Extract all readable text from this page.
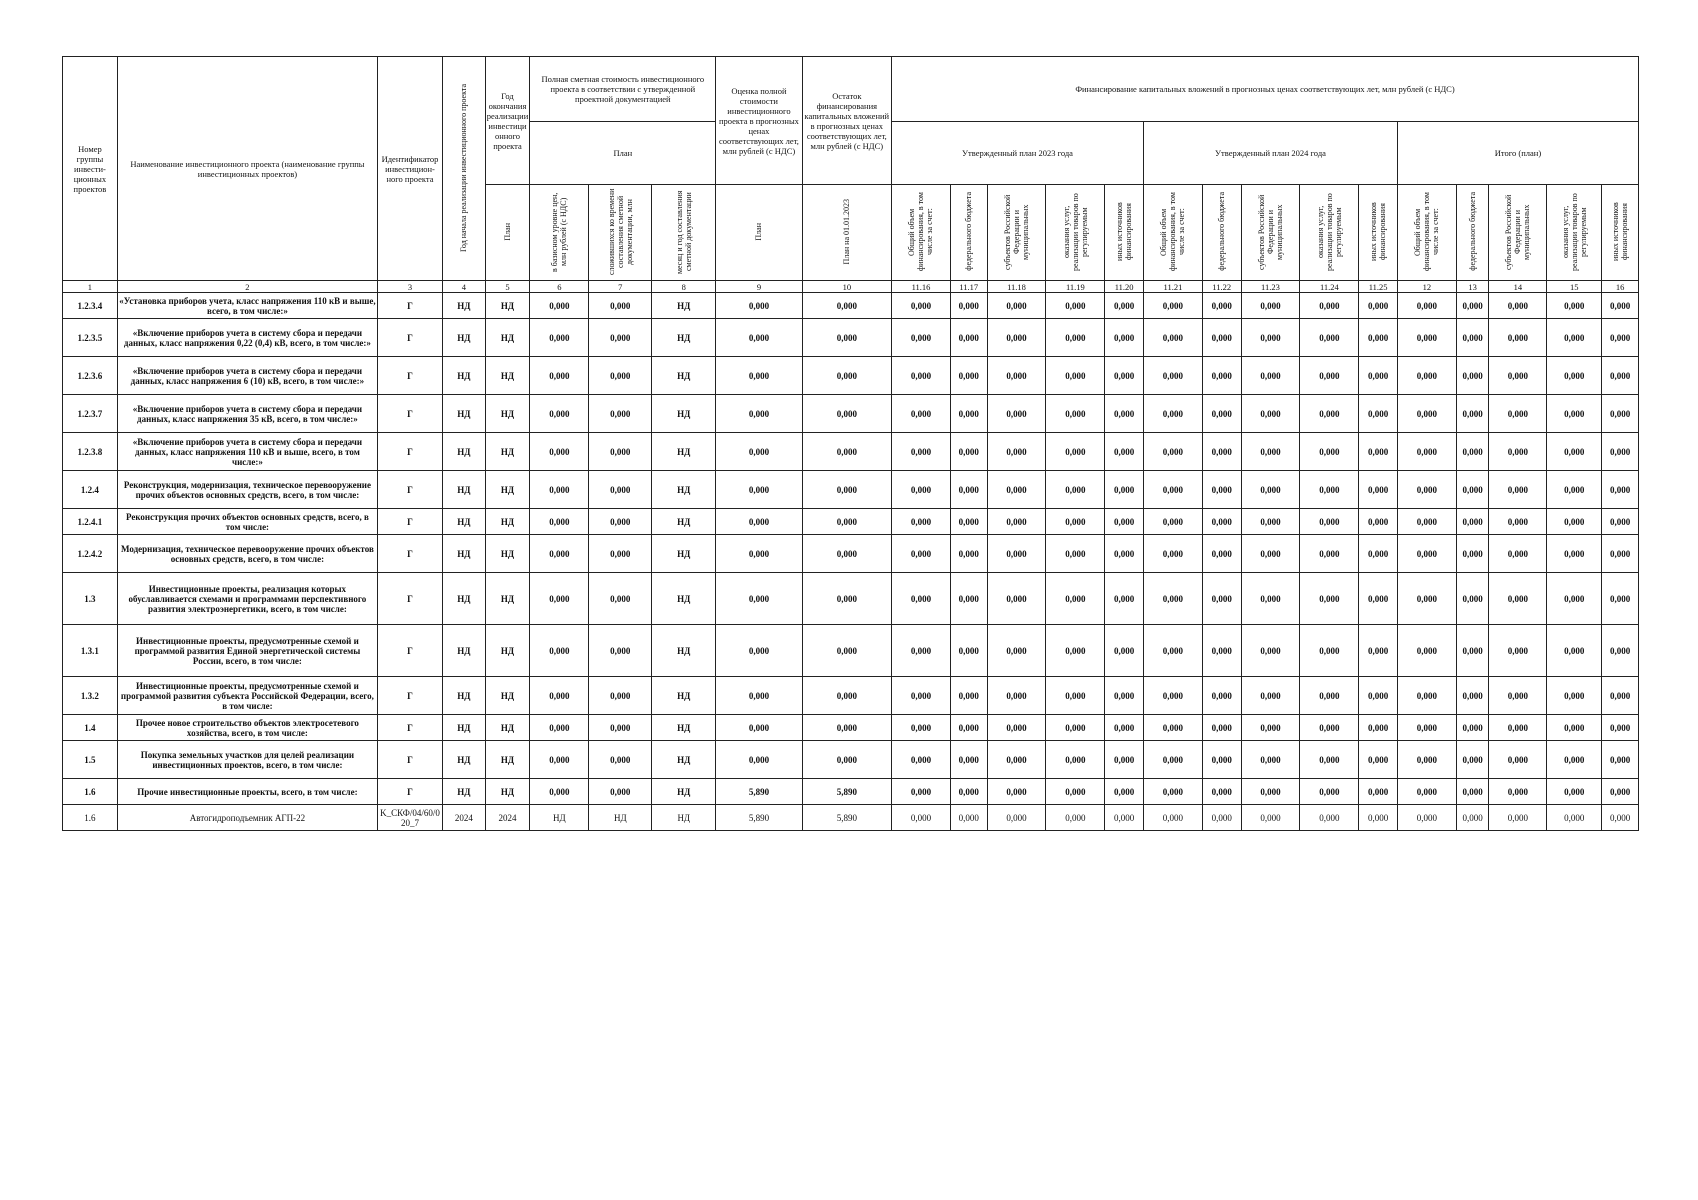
Номер группы инвести-ционных проектов	Наименование инвестиционного проекта (наименование группы инвестиционных проектов)	Идентификатор инвестицион-ного проекта	Год начала реализации инвестиционного проекта	Год окончания реализации инвестиционного проекта	Полная сметная стоимость инвестиционного проекта в соответствии с утвержденной проектной документацией			Оценка полной стоимости инвестиционного проекта в прогнозных ценах соответствующих лет, млн рублей (с НДС)	Остаток финансирования капитальных вложений в прогнозных ценах соответствующих лет, млн рублей (с НДС)	Финансирование капитальных вложений в прогнозных ценах соответствующих лет, млн рублей (с НДС)														
					План					Утвержденный план 2023 года					Утвержденный план 2024 года					Итого (план)				
				План	в базисном уровне цен, млн рублей (с НДС)	сложившихся ко времени составления сметной документации, млн	месяц и год составления сметной документации	План	План на 01.01.2023	Общий объем финансирования, в том числе за счет:	федерального бюджета	субъектов Российской Федерации и муниципальных	оказания услуг, реализации товаров по регулируемым	иных источников финансирования	Общий объем финансирования, в том числе за счет:	федерального бюджета	субъектов Российской Федерации и муниципальных	оказания услуг, реализации товаров по регулируемым	иных источников финансирования	Общий объем финансирования, в том числе за счет:	федерального бюджета	субъектов Российской Федерации и муниципальных	оказания услуг, реализации товаров по регулируемым	иных источников финансирования
1	2	3	4	5	6	7	8	9	10	11.16	11.17	11.18	11.19	11.20	11.21	11.22	11.23	11.24	11.25	12	13	14	15	16
1.2.3.4	«Установка приборов учета, класс напряжения 110 кВ и выше, всего, в том числе:»	Г	НД	НД	0,000	0,000	НД	0,000	0,000	0,000	0,000	0,000	0,000	0,000	0,000	0,000	0,000	0,000	0,000	0,000	0,000	0,000	0,000	0,000
1.2.3.5	«Включение приборов учета в систему сбора и передачи данных, класс напряжения 0,22 (0,4) кВ, всего, в том числе:»	Г	НД	НД	0,000	0,000	НД	0,000	0,000	0,000	0,000	0,000	0,000	0,000	0,000	0,000	0,000	0,000	0,000	0,000	0,000	0,000	0,000	0,000
1.2.3.6	«Включение приборов учета в систему сбора и передачи данных, класс напряжения 6 (10) кВ, всего, в том числе:»	Г	НД	НД	0,000	0,000	НД	0,000	0,000	0,000	0,000	0,000	0,000	0,000	0,000	0,000	0,000	0,000	0,000	0,000	0,000	0,000	0,000	0,000
1.2.3.7	«Включение приборов учета в систему сбора и передачи данных, класс напряжения 35 кВ, всего, в том числе:»	Г	НД	НД	0,000	0,000	НД	0,000	0,000	0,000	0,000	0,000	0,000	0,000	0,000	0,000	0,000	0,000	0,000	0,000	0,000	0,000	0,000	0,000
1.2.3.8	«Включение приборов учета в систему сбора и передачи данных, класс напряжения 110 кВ и выше, всего, в том числе:»	Г	НД	НД	0,000	0,000	НД	0,000	0,000	0,000	0,000	0,000	0,000	0,000	0,000	0,000	0,000	0,000	0,000	0,000	0,000	0,000	0,000	0,000
1.2.4	Реконструкция, модернизация, техническое перевооружение прочих объектов основных средств, всего, в том числе:	Г	НД	НД	0,000	0,000	НД	0,000	0,000	0,000	0,000	0,000	0,000	0,000	0,000	0,000	0,000	0,000	0,000	0,000	0,000	0,000	0,000	0,000
1.2.4.1	Реконструкция прочих объектов основных средств, всего, в том числе:	Г	НД	НД	0,000	0,000	НД	0,000	0,000	0,000	0,000	0,000	0,000	0,000	0,000	0,000	0,000	0,000	0,000	0,000	0,000	0,000	0,000	0,000
1.2.4.2	Модернизация, техническое перевооружение прочих объектов основных средств, всего, в том числе:	Г	НД	НД	0,000	0,000	НД	0,000	0,000	0,000	0,000	0,000	0,000	0,000	0,000	0,000	0,000	0,000	0,000	0,000	0,000	0,000	0,000	0,000
1.3	Инвестиционные проекты, реализация которых обуславливается схемами и программами перспективного развития электроэнергетики, всего, в том числе:	Г	НД	НД	0,000	0,000	НД	0,000	0,000	0,000	0,000	0,000	0,000	0,000	0,000	0,000	0,000	0,000	0,000	0,000	0,000	0,000	0,000	0,000
1.3.1	Инвестиционные проекты, предусмотренные схемой и программой развития Единой энергетической системы России, всего, в том числе:	Г	НД	НД	0,000	0,000	НД	0,000	0,000	0,000	0,000	0,000	0,000	0,000	0,000	0,000	0,000	0,000	0,000	0,000	0,000	0,000	0,000	0,000
1.3.2	Инвестиционные проекты, предусмотренные схемой и программой развития субъекта Российской Федерации, всего, в том числе:	Г	НД	НД	0,000	0,000	НД	0,000	0,000	0,000	0,000	0,000	0,000	0,000	0,000	0,000	0,000	0,000	0,000	0,000	0,000	0,000	0,000	0,000
1.4	Прочее новое строительство объектов электросетевого хозяйства, всего, в том числе:	Г	НД	НД	0,000	0,000	НД	0,000	0,000	0,000	0,000	0,000	0,000	0,000	0,000	0,000	0,000	0,000	0,000	0,000	0,000	0,000	0,000	0,000
1.5	Покупка земельных участков для целей реализации инвестиционных проектов, всего, в том числе:	Г	НД	НД	0,000	0,000	НД	0,000	0,000	0,000	0,000	0,000	0,000	0,000	0,000	0,000	0,000	0,000	0,000	0,000	0,000	0,000	0,000	0,000
1.6	Прочие инвестиционные проекты, всего, в том числе:	Г	НД	НД	0,000	0,000	НД	5,890	5,890	0,000	0,000	0,000	0,000	0,000	0,000	0,000	0,000	0,000	0,000	0,000	0,000	0,000	0,000	0,000
1.6	Автогидроподъемник АГП-22	K_СКФ/04/60/020_7	2024	2024	НД	НД	НД	5,890	5,890	0,000	0,000	0,000	0,000	0,000	0,000	0,000	0,000	0,000	0,000	0,000	0,000	0,000	0,000	0,000
